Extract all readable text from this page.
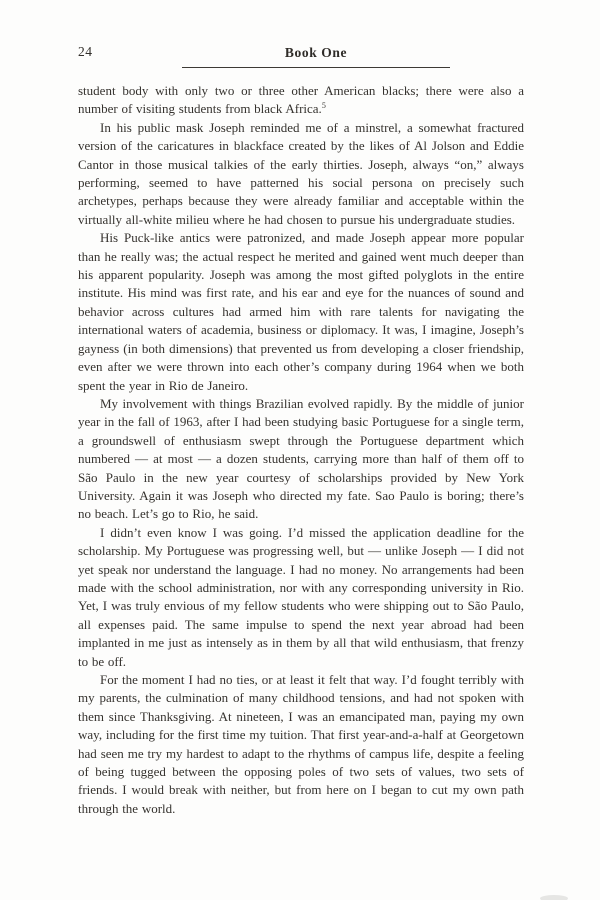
24	Book One

student body with only two or three other American blacks; there were also a number of visiting students from black Africa.$^5$

In his public mask Joseph reminded me of a minstrel, a somewhat fractured version of the caricatures in blackface created by the likes of Al Jolson and Eddie Cantor in those musical talkies of the early thirties. Joseph, always “on,” always performing, seemed to have patterned his social persona on precisely such archetypes, perhaps because they were already familiar and acceptable within the virtually all-white milieu where he had chosen to pursue his undergraduate studies.

His Puck-like antics were patronized, and made Joseph appear more popular than he really was; the actual respect he merited and gained went much deeper than his apparent popularity. Joseph was among the most gifted polyglots in the entire institute. His mind was first rate, and his ear and eye for the nuances of sound and behavior across cultures had armed him with rare talents for navigating the international waters of academia, business or diplomacy. It was, I imagine, Joseph’s gayness (in both dimensions) that prevented us from developing a closer friendship, even after we were thrown into each other’s company during 1964 when we both spent the year in Rio de Janeiro.

My involvement with things Brazilian evolved rapidly. By the middle of junior year in the fall of 1963, after I had been studying basic Portuguese for a single term, a groundswell of enthusiasm swept through the Portuguese department which numbered — at most — a dozen students, carrying more than half of them off to São Paulo in the new year courtesy of scholarships provided by New York University. Again it was Joseph who directed my fate. Sao Paulo is boring; there’s no beach. Let’s go to Rio, he said.

I didn’t even know I was going. I’d missed the application deadline for the scholarship. My Portuguese was progressing well, but — unlike Joseph — I did not yet speak nor understand the language. I had no money. No arrangements had been made with the school administration, nor with any corresponding university in Rio. Yet, I was truly envious of my fellow students who were shipping out to São Paulo, all expenses paid. The same impulse to spend the next year abroad had been implanted in me just as intensely as in them by all that wild enthusiasm, that frenzy to be off.

For the moment I had no ties, or at least it felt that way. I’d fought terribly with my parents, the culmination of many childhood tensions, and had not spoken with them since Thanksgiving. At nineteen, I was an emancipated man, paying my own way, including for the first time my tuition. That first year-and-a-half at Georgetown had seen me try my hardest to adapt to the rhythms of campus life, despite a feeling of being tugged between the opposing poles of two sets of values, two sets of friends. I would break with neither, but from here on I began to cut my own path through the world.
